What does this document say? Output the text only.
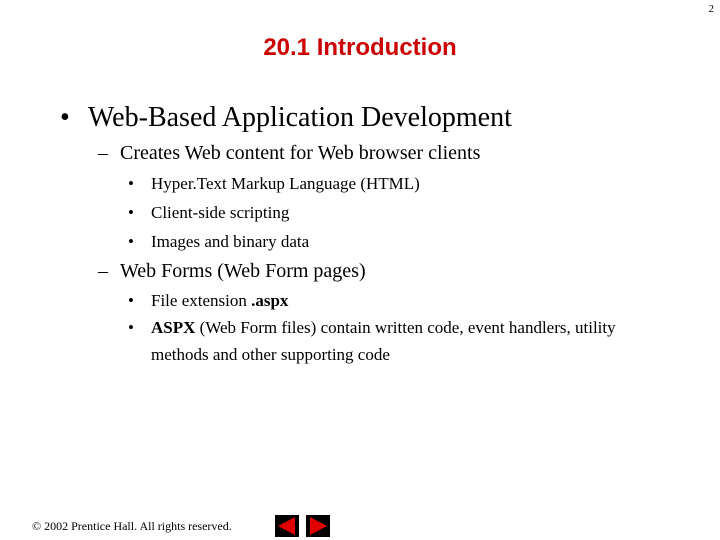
2
20.1 Introduction
• Web-Based Application Development
– Creates Web content for Web browser clients
• Hyper.Text Markup Language (HTML)
• Client-side scripting
• Images and binary data
– Web Forms (Web Form pages)
• File extension .aspx
• ASPX (Web Form files) contain written code, event handlers, utility methods and other supporting code
© 2002 Prentice Hall. All rights reserved.
